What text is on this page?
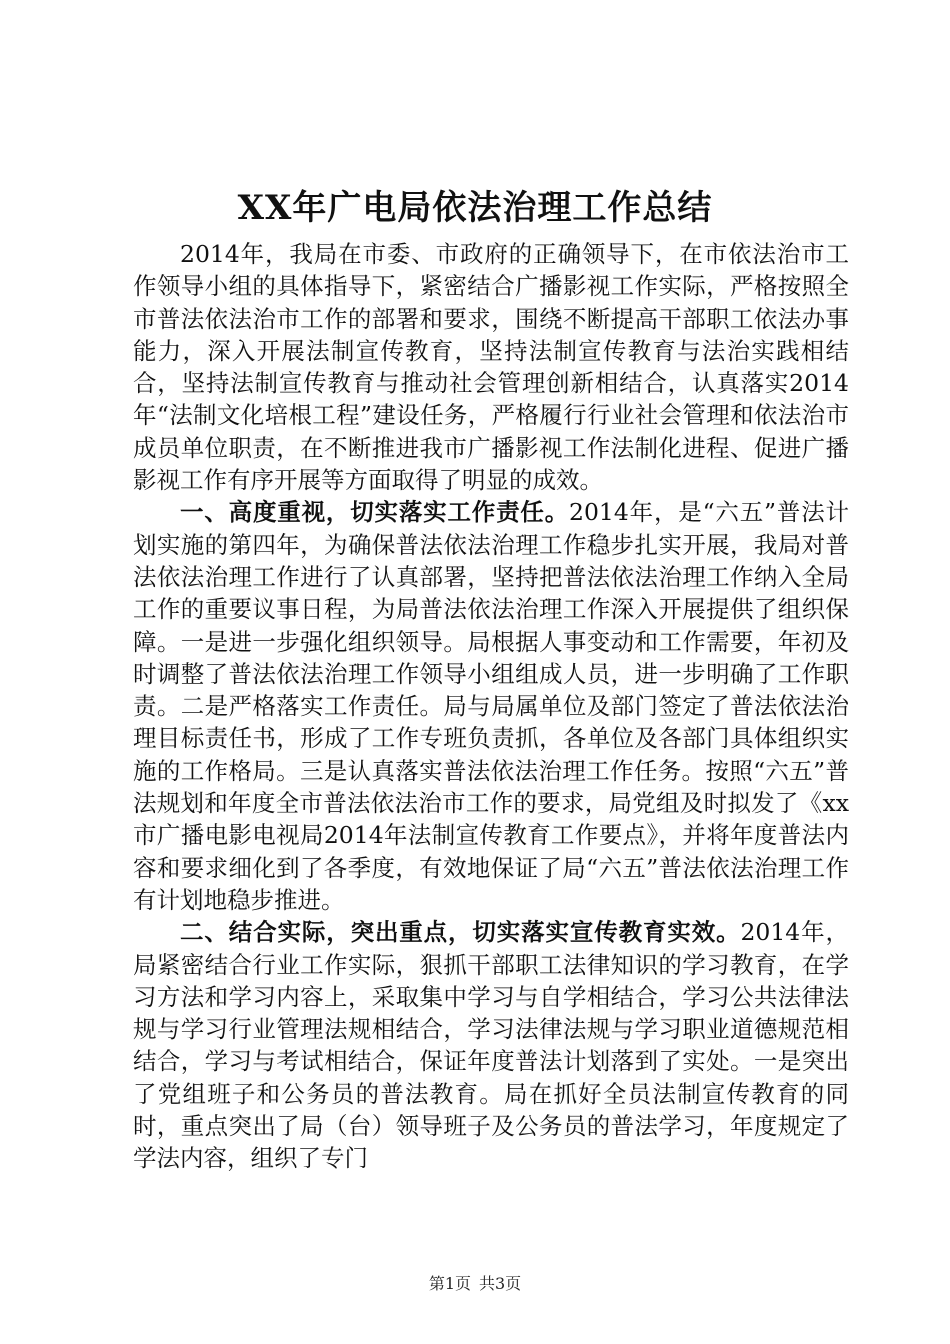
XX年广电局依法治理工作总结

2014年，我局在市委、市政府的正确领导下，在市依法治市工作领导小组的具体指导下，紧密结合广播影视工作实际，严格按照全市普法依法治市工作的部署和要求，围绕不断提高干部职工依法办事能力，深入开展法制宣传教育，坚持法制宣传教育与法治实践相结合，坚持法制宣传教育与推动社会管理创新相结合，认真落实2014年“法制文化培根工程”建设任务，严格履行行业社会管理和依法治市成员单位职责，在不断推进我市广播影视工作法制化进程、促进广播影视工作有序开展等方面取得了明显的成效。

一、高度重视，切实落实工作责任。2014年，是“六五”普法计划实施的第四年，为确保普法依法治理工作稳步扎实开展，我局对普法依法治理工作进行了认真部署，坚持把普法依法治理工作纳入全局工作的重要议事日程，为局普法依法治理工作深入开展提供了组织保障。一是进一步强化组织领导。局根据人事变动和工作需要，年初及时调整了普法依法治理工作领导小组组成人员，进一步明确了工作职责。二是严格落实工作责任。局与局属单位及部门签定了普法依法治理目标责任书，形成了工作专班负责抓，各单位及各部门具体组织实施的工作格局。三是认真落实普法依法治理工作任务。按照“六五”普法规划和年度全市普法依法治市工作的要求，局党组及时拟发了《xx市广播电影电视局2014年法制宣传教育工作要点》，并将年度普法内容和要求细化到了各季度，有效地保证了局“六五”普法依法治理工作有计划地稳步推进。

二、结合实际，突出重点，切实落实宣传教育实效。2014年，局紧密结合行业工作实际，狠抓干部职工法律知识的学习教育，在学习方法和学习内容上，采取集中学习与自学相结合，学习公共法律法规与学习行业管理法规相结合，学习法律法规与学习职业道德规范相结合，学习与考试相结合，保证年度普法计划落到了实处。一是突出了党组班子和公务员的普法教育。局在抓好全员法制宣传教育的同时，重点突出了局（台）领导班子及公务员的普法学习，年度规定了学法内容，组织了专门

第1页 共3页
